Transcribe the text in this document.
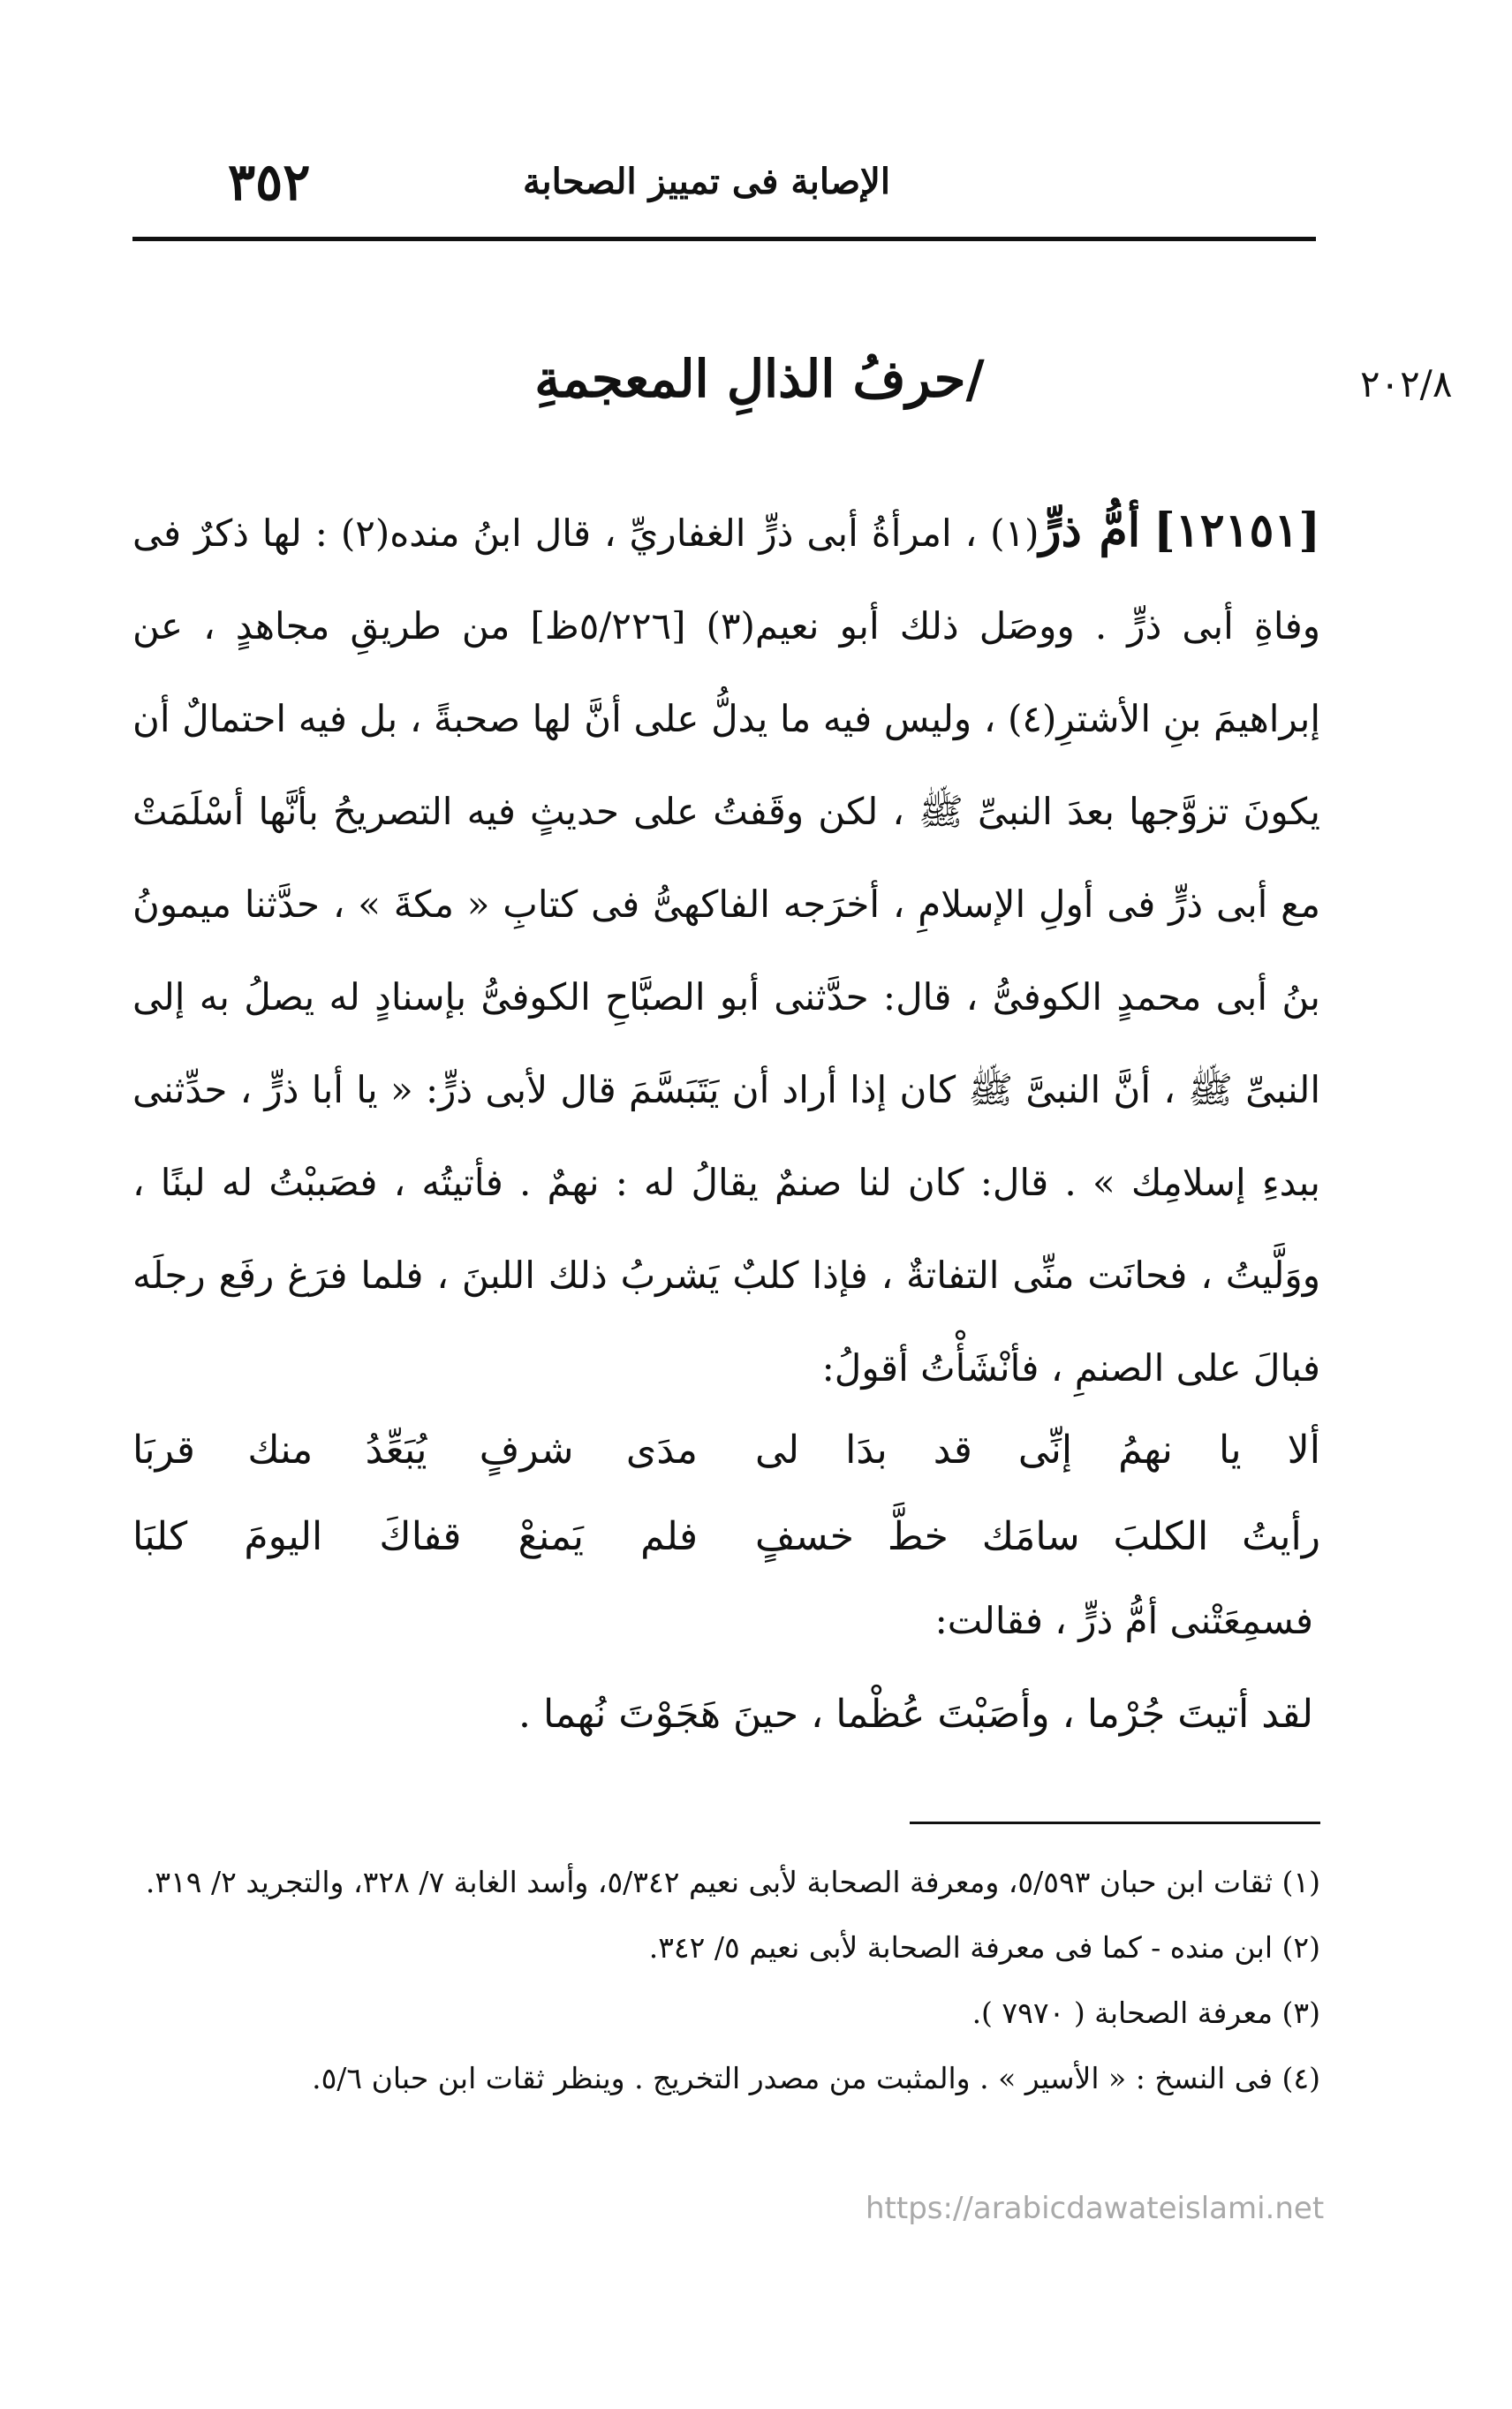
٣٥٢	الإصابة فى تمييز الصحابة
٢٠٢/٨
/حرفُ الذالِ المعجمةِ
[١٢١٥١] أمُّ ذرٍّ(١) ، امرأةُ أبى ذرٍّ الغفاريِّ ، قال ابنُ منده(٢) : لها ذكرٌ فى وفاةِ أبى ذرٍّ . ووصَل ذلك أبو نعيم(٣) [٥/٢٢٦ظ] من طريقِ مجاهدٍ ، عن إبراهيمَ بنِ الأشترِ(٤) ، وليس فيه ما يدلُّ على أنَّ لها صحبةً ، بل فيه احتمالٌ أن يكونَ تزوَّجها بعدَ النبىِّ ﷺ ، لكن وقَفتُ على حديثٍ فيه التصريحُ بأنَّها أسْلَمَتْ مع أبى ذرٍّ فى أولِ الإسلامِ ، أخرَجه الفاكهىُّ فى كتابِ « مكةَ » ، حدَّثنا ميمونُ بنُ أبى محمدٍ الكوفىُّ ، قال: حدَّثنى أبو الصبَّاحِ الكوفىُّ بإسنادٍ له يصلُ به إلى النبىِّ ﷺ ، أنَّ النبىَّ ﷺ كان إذا أراد أن يَتَبَسَّمَ قال لأبى ذرٍّ: « يا أبا ذرٍّ ، حدِّثنى ببدءِ إسلامِك » . قال: كان لنا صنمٌ يقالُ له : نهمٌ . فأتيتُه ، فصَببْتُ له لبنًا ، ووَلَّيتُ ، فحانَت منِّى التفاتةٌ ، فإذا كلبٌ يَشربُ ذلك اللبنَ ، فلما فرَغ رفَع رجلَه فبالَ على الصنمِ ، فأنْشَأْتُ أقولُ:
ألا يا نهمُ إنِّى قد بدَا لى
مدَى شرفٍ يُبَعِّدُ منك قربَا
رأيتُ الكلبَ سامَك خطَّ خسفٍ
فلم يَمنعْ قفاكَ اليومَ كلبَا
فسمِعَتْنى أمُّ ذرٍّ ، فقالت:
لقد أتيتَ جُرْما ، وأصَبْتَ عُظْما ، حينَ هَجَوْتَ نُهما .
(١) ثقات ابن حبان ٥/٥٩٣، ومعرفة الصحابة لأبى نعيم ٥/٣٤٢، وأسد الغابة ٧/ ٣٢٨، والتجريد ٢/ ٣١٩.
(٢) ابن منده - كما فى معرفة الصحابة لأبى نعيم ٥/ ٣٤٢.
(٣) معرفة الصحابة ( ٧٩٧٠ ).
(٤) فى النسخ : « الأسير » . والمثبت من مصدر التخريج . وينظر ثقات ابن حبان ٥/٦.
https://arabicdawateislami.net
